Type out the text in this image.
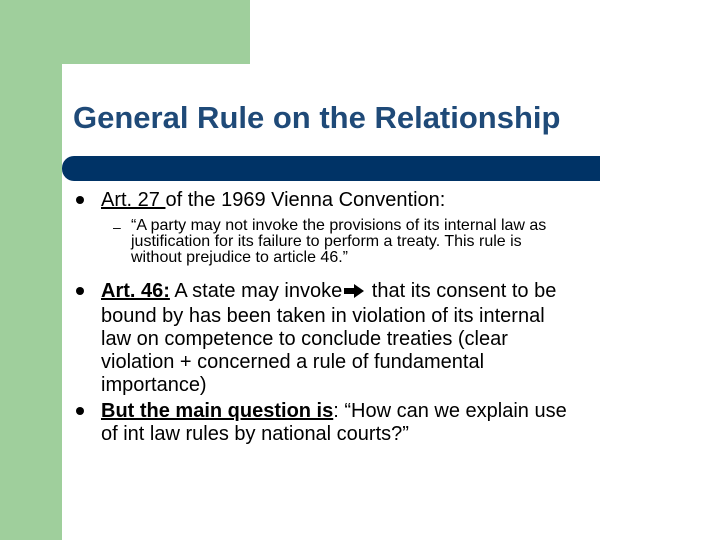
General Rule on the Relationship

Art. 27 of the 1969 Vienna Convention:

– “A party may not invoke the provisions of its internal law as
justification for its failure to perform a treaty. This rule is
without prejudice to article 46.”
Art. 46: A state may invoke that its consent to be
bound by has been taken in violation of its internal
law on competence to conclude treaties (clear
violation + concerned a rule of fundamental
importance)
But the main question is: “How can we explain use
of int law rules by national courts?”
